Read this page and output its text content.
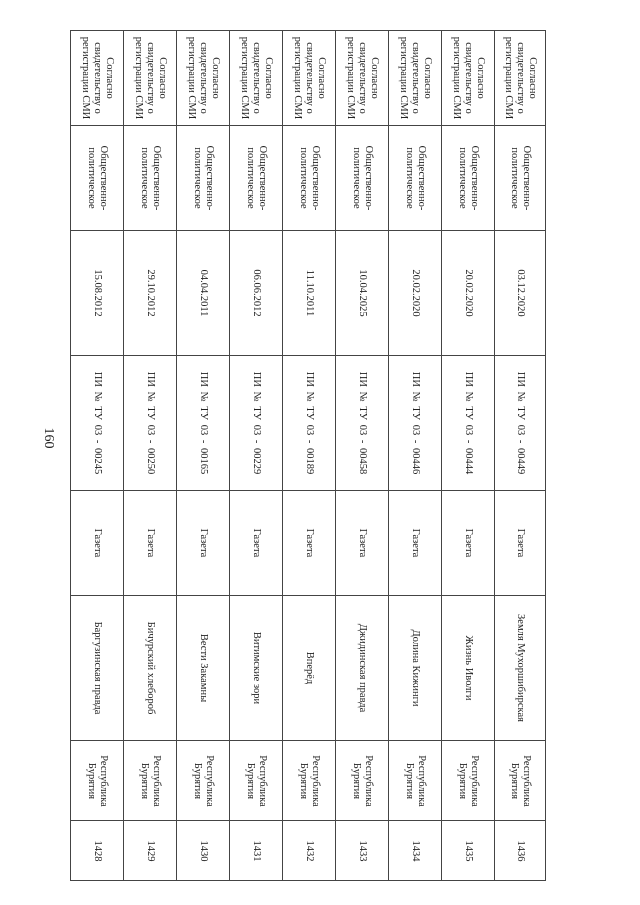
160
Согласно свидетельству о регистрации СМИ	Согласно свидетельству о регистрации СМИ	Согласно свидетельству о регистрации СМИ	Согласно свидетельству о регистрации СМИ	Согласно свидетельству о регистрации СМИ	Согласно свидетельству о регистрации СМИ	Согласно свидетельству о регистрации СМИ	Согласно свидетельству о регистрации СМИ	Согласно свидетельству о регистрации СМИ

Общественно-политическое	Общественно-политическое	Общественно-политическое	Общественно-политическое	Общественно-политическое	Общественно-политическое	Общественно-политическое	Общественно-политическое	Общественно-политическое

15.08.2012	29.10.2012	04.04.2011	06.06.2012	11.10.2011	10.04.2025	20.02.2020	20.02.2020	03.12.2020

ПИ № ТУ 03 - 00245	ПИ № ТУ 03 - 00250	ПИ № ТУ 03 - 00165	ПИ № ТУ 03 - 00229	ПИ № ТУ 03 - 00189	ПИ № ТУ 03 - 00458	ПИ № ТУ 03 - 00446	ПИ № ТУ 03 - 00444	ПИ № ТУ 03 - 00449

Газета	Газета	Газета	Газета	Газета	Газета	Газета	Газета	Газета

Баргузинская правда	Бичурский хлебороб	Вести Закамны	Витимские зори	Вперёд	Джидинская правда	Долина Кижинги	Жизнь Иволги	Земля Мухоршибирская

Республика Бурятия	Республика Бурятия	Республика Бурятия	Республика Бурятия	Республика Бурятия	Республика Бурятия	Республика Бурятия	Республика Бурятия	Республика Бурятия

1428	1429	1430	1431	1432	1433	1434	1435	1436
